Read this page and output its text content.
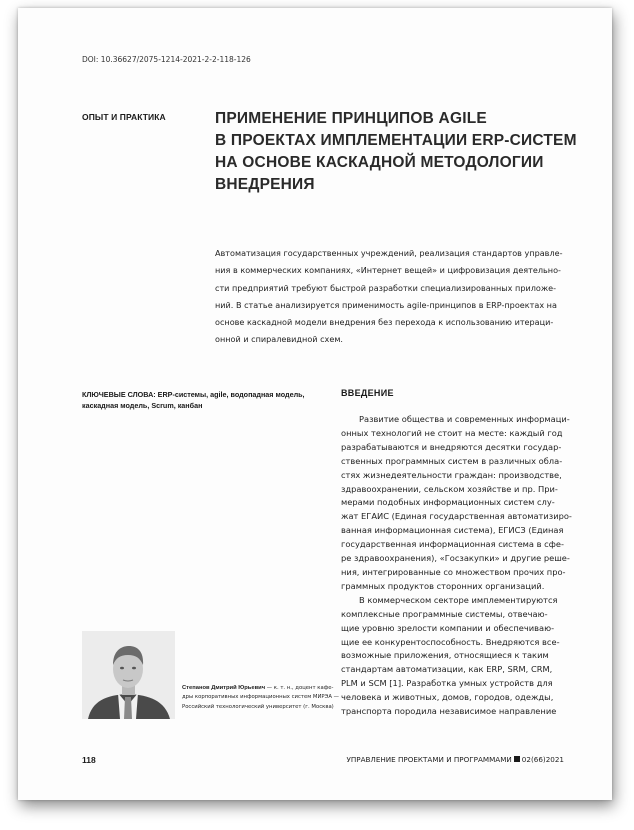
DOI: 10.36627/2075-1214-2021-2-2-118-126
ОПЫТ И ПРАКТИКА	ПРИМЕНЕНИЕ ПРИНЦИПОВ AGILE
В ПРОЕКТАХ ИМПЛЕМЕНТАЦИИ ERP-СИСТЕМ
НА ОСНОВЕ КАСКАДНОЙ МЕТОДОЛОГИИ
ВНЕДРЕНИЯ
Автоматизация государственных учреждений, реализация стандартов управле-
ния в коммерческих компаниях, «Интернет вещей» и цифровизация деятельно-
сти предприятий требуют быстрой разработки специализированных приложе-
ний. В статье анализируется применимость agile-принципов в ERP-проектах на
основе каскадной модели внедрения без перехода к использованию итераци-
онной и спиралевидной схем.
КЛЮЧЕВЫЕ СЛОВА: ERP-системы, agile, водопадная модель,
каскадная модель, Scrum, канбан
ВВЕДЕНИЕ
Развитие общества и современных информаци-
онных технологий не стоит на месте: каждый год
разрабатываются и внедряются десятки государ-
ственных программных систем в различных обла-
стях жизнедеятельности граждан: производстве,
здравоохранении, сельском хозяйстве и пр. При-
мерами подобных информационных систем слу-
жат ЕГАИС (Единая государственная автоматизиро-
ванная информационная система), ЕГИСЗ (Единая
государственная информационная система в сфе-
ре здравоохранения), «Госзакупки» и другие реше-
ния, интегрированные со множеством прочих про-
граммных продуктов сторонних организаций.
В коммерческом секторе имплементируются
комплексные программные системы, отвечаю-
щие уровню зрелости компании и обеспечиваю-
щие ее конкурентоспособность. Внедряются все-
возможные приложения, относящиеся к таким
стандартам автоматизации, как ERP, SRM, CRM,
PLM и SCM [1]. Разработка умных устройств для
человека и животных, домов, городов, одежды,
транспорта породила независимое направление
Степанов Дмитрий Юрьевич — к. т. н., доцент кафе-
дры корпоративных информационных систем МИРЭА —
Российский технологический университет (г. Москва)
118	УПРАВЛЕНИЕ ПРОЕКТАМИ И ПРОГРАММАМИ 02(66)2021
